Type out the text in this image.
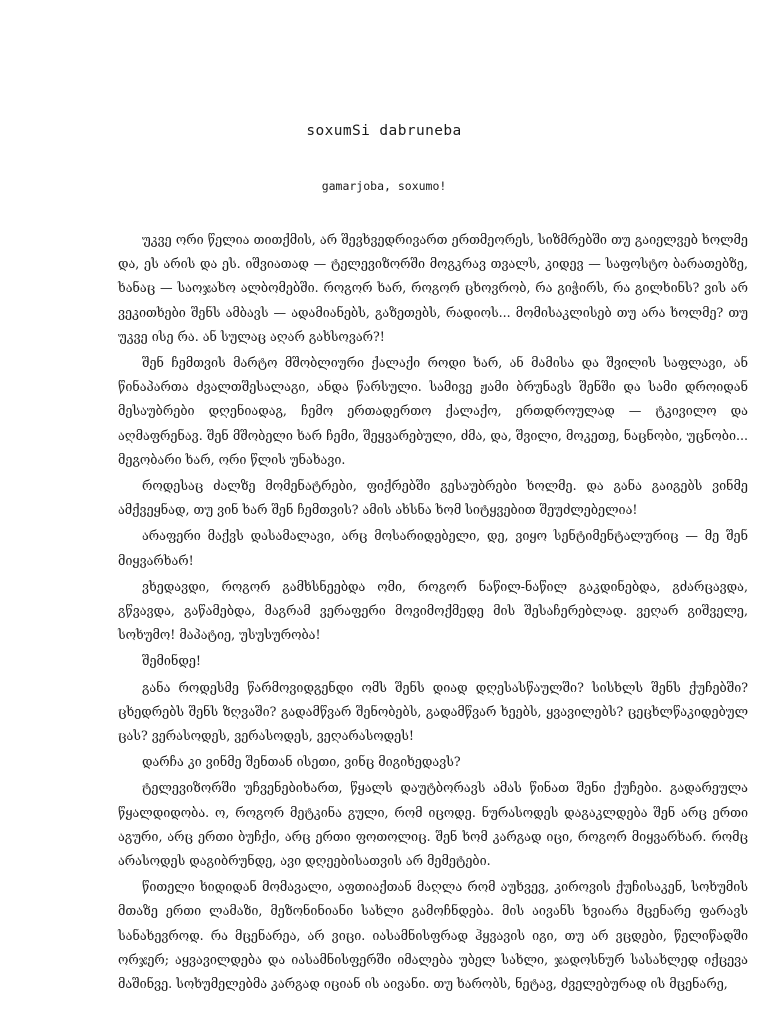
soxumSi dabruneba
gamarjoba, soxumo!

უკვე ორი წელია თითქმის, არ შევხვედრივართ ერთმეორეს, სიზმრებში თუ გაიელვებ ხოლმე და, ეს არის და ეს. იშვიათად — ტელევიზორში მოგკრავ თვალს, კიდევ — საფოსტო ბარათებზე, ხანაც — საოჯახო ალბომებში. როგორ ხარ, როგორ ცხოვრობ, რა გიჭირს, რა გილხინს? ვის არ ვეკითხები შენს ამბავს — ადამიანებს, გაზეთებს, რადიოს... მომისაკლისებ თუ არა ხოლმე? თუ უკვე ისე რა. ან სულაც აღარ გახსოვარ?!

შენ ჩემთვის მარტო მშობლიური ქალაქი როდი ხარ, ან მამისა და შვილის საფლავი, ან წინაპართა ძვალთშესალაგი, ანდა წარსული. სამივე ჟამი ბრუნავს შენში და სამი დროიდან მესაუბრები დღენიადაგ, ჩემო ერთადერთო ქალაქო, ერთდროულად — ტკივილო და აღმაფრენავ. შენ მშობელი ხარ ჩემი, შეყვარებული, ძმა, და, შვილი, მოკეთე, ნაცნობი, უცნობი... მეგობარი ხარ, ორი წლის უნახავი.

როდესაც ძალზე მომენატრები, ფიქრებში გესაუბრები ხოლმე. და განა გაიგებს ვინმე ამქვეყნად, თუ ვინ ხარ შენ ჩემთვის? ამის ახსნა ხომ სიტყვებით შეუძლებელია!

არაფერი მაქვს დასამალავი, არც მოსარიდებელი, დე, ვიყო სენტიმენტალურიც — მე შენ მიყვარხარ!

ვხედავდი, როგორ გამხსნეებდა ომი, როგორ ნაწილ-ნაწილ გაკდინებდა, გძარცავდა, გწვავდა, გაწამებდა, მაგრამ ვერაფერი მოვიმოქმედე მის შესაჩერებლად. ვეღარ გიშველე, სოხუმო! მაპატიე, უსუსურობა!

შემინდე!

განა როდესმე წარმოვიდგენდი ომს შენს დიად დღესასწაულში? სისხლს შენს ქუჩებში? ცხედრებს შენს ზღვაში? გადამწვარ შენობებს, გადამწვარ ხეებს, ყვავილებს? ცეცხლწაკიდებულ ცას? ვერასოდეს, ვერასოდეს, ვეღარასოდეს!

დარჩა კი ვინმე შენთან ისეთი, ვინც მიგიხედავს?

ტელევიზორში უჩვენებიხართ, წყალს დაუტბორავს ამას წინათ შენი ქუჩები. გადარეულა წყალდიდობა. ო, როგორ მეტკინა გული, რომ იცოდე. ნურასოდეს დაგაკლდება შენ არც ერთი აგური, არც ერთი ბუჩქი, არც ერთი ფოთოლიც. შენ ხომ კარგად იცი, როგორ მიყვარხარ. რომც არასოდეს დაგიბრუნდე, ავი დღეებისათვის არ მემეტები.

წითელი ხიდიდან მომავალი, აფთიაქთან მაღლა რომ აუხვევ, კიროვის ქუჩისაკენ, სოხუმის მთაზე ერთი ლამაზი, მეზონინიანი სახლი გამოჩნდება. მის აივანს ხვიარა მცენარე ფარავს სანახევროდ. რა მცენარეა, არ ვიცი. იასამნისფრად ჰყვავის იგი, თუ არ ვცდები, წელიწადში ორჯერ; აყვავილდება და იასამნისფერში იმალება უბელ სახლი, ჯადოსნურ სასახლედ იქცევა მაშინვე. სოხუმელებმა კარგად იციან ის აივანი. თუ ხარობს, ნეტავ, ძველებურად ის მცენარე,
